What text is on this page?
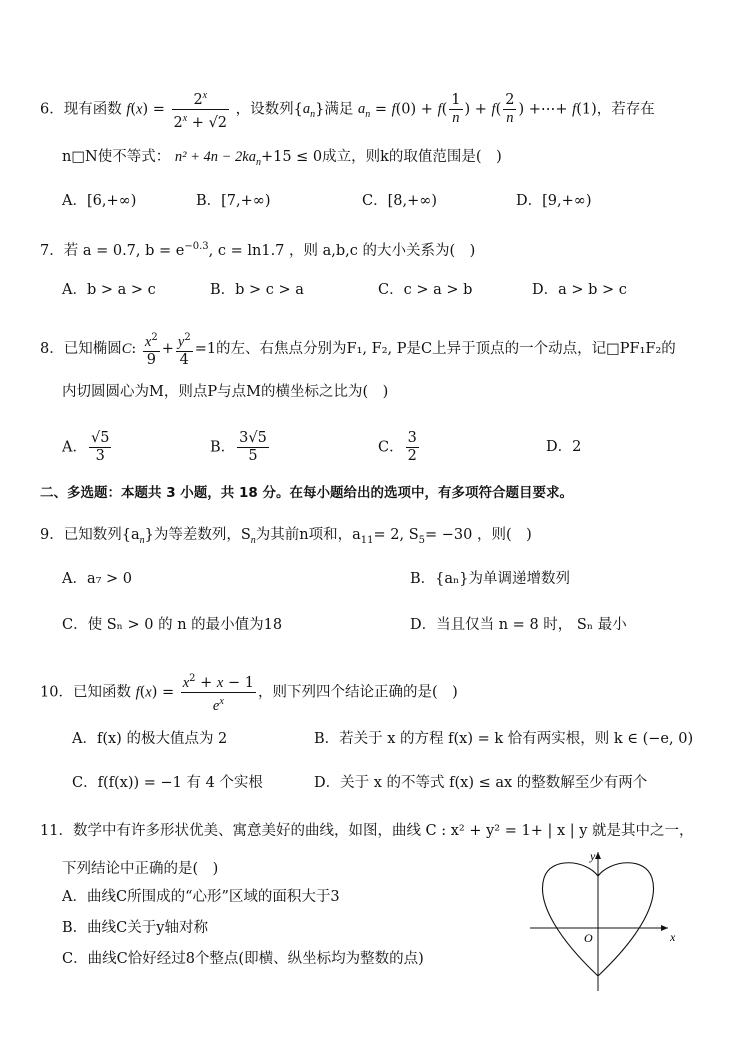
6．现有函数 $f(x) = \frac{2^x}{2^x + √2}$ ，设数列$\{a_n\}$满足 $a_n = f(0) + f( \frac{1}{n}$ ) + $f( \frac{2}{n}$ ) +⋯+ f(1)，若存在
n□N使不等式： $n^2 + 4n - 2ka_n+15 \le 0$成立，则k的取值范围是(　)
A．[6,+∞)	B．[7,+∞)	C．[8,+∞)	D．[9,+∞)
7．若 a = 0.7, $b = e^{-0.3}$, c = ln1.7 ，则 a,b,c 的大小关系为(　)
A．b > a > c	B．b > c > a	C．c > a > b	D．a > b > c
8．已知椭圆C: $\frac{x^2}{9} + \frac{y^2}{4} =1$的左、右焦点分别为F₁, F₂, P是C上异于顶点的一个动点，记□PF₁F₂的
内切圆圆心为M，则点P与点M的横坐标之比为(　)
A． $\frac{√5}{3}$	B． $\frac{3√5}{5}$	C． $\frac{3}{2}$	D．2
二、多选题：本题共 3 小题，共 18 分。在每小题给出的选项中，有多项符合题目要求。
9．已知数列$\{a_n\}$为等差数列，$S_n$为其前n项和，$a_{11}= 2$, $S_5= -30$ ，则(　)
A．a₇ > 0	B．{aₙ}为单调递增数列
C．使 Sₙ > 0 的 n 的最小值为18	D．当且仅当 n = 8 时， Sₙ 最小
10．已知函数 $f(x) = \frac{x^2 + x - 1}{e^x}$ ，则下列四个结论正确的是(　)
A．f(x) 的极大值点为 2	B．若关于 x 的方程 f(x) = k 恰有两实根，则 k ∈ (−e, 0)
C．f(f(x)) = −1 有 4 个实根	D．关于 x 的不等式 f(x) ≤ ax 的整数解至少有两个
11．数学中有许多形状优美、寓意美好的曲线，如图，曲线 C : x² + y² = 1+ | x | y 就是其中之一，
下列结论中正确的是(　)
A．曲线C所围成的“心形”区域的面积大于3
B．曲线C关于y轴对称
C．曲线C恰好经过8个整点(即横、纵坐标均为整数的点)
x
y
O
